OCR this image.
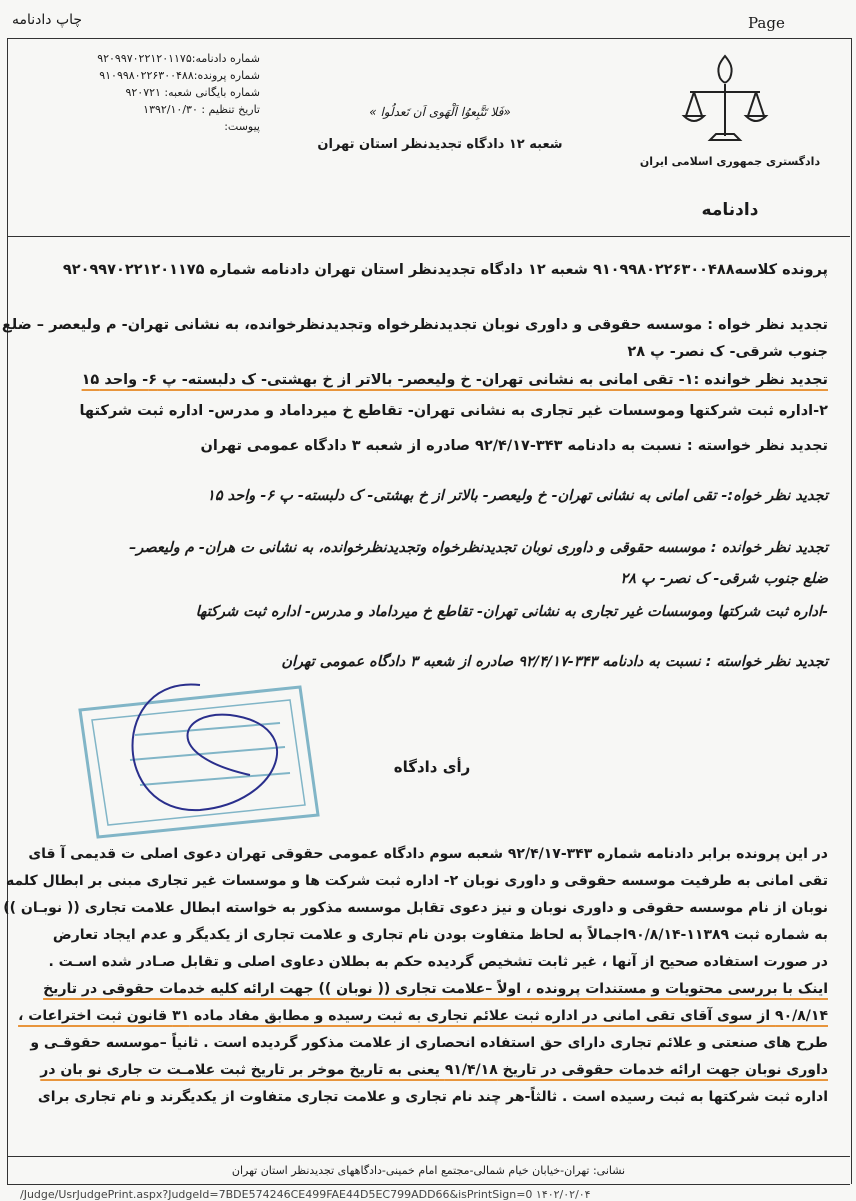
چاپ دادنامه	Page
شماره دادنامه:۹۲۰۹۹۷۰۲۲۱۲۰۱۱۷۵
شماره پرونده:۹۱۰۹۹۸۰۲۲۶۳۰۰۴۸۸
شماره بایگانی شعبه: ۹۲۰۷۲۱
تاریخ تنظیم : ۱۳۹۲/۱۰/۳۰
پیوست:
«فَلا تَتَّبِعوُا اَلْهَوی اَن تَعدلُوا »
شعبه ۱۲ دادگاه تجدیدنظر استان تهران
دادگستری جمهوری اسلامی ایران
دادنامه
پرونده کلاسه۹۱۰۹۹۸۰۲۲۶۳۰۰۴۸۸ شعبه ۱۲ دادگاه تجدیدنظر استان تهران دادنامه شماره ۹۲۰۹۹۷۰۲۲۱۲۰۱۱۷۵
تجدید نظر خواه : موسسه حقوقی و داوری نوبان تجدیدنظرخواه وتجدیدنظرخوانده، به نشانی تهران- م ولیعصر – ضلع
جنوب شرقی- ک نصر- پ ۲۸
تجدید نظر خوانده :۱- تقی امانی به نشانی تهران- خ ولیعصر- بالاتر از خ بهشتی- ک دلبسته- پ ۶- واحد ۱۵
۲-اداره ثبت شرکتها وموسسات غیر تجاری به نشانی تهران- تقاطع خ میرداماد و مدرس- اداره ثبت شرکتها
تجدید نظر خواسته : نسبت به دادنامه ۳۴۳-۹۲/۴/۱۷ صادره از شعبه ۳ دادگاه عمومی تهران
تجدید نظر خواه:- تقی امانی به نشانی تهران- خ ولیعصر- بالاتر از خ بهشتی- ک دلبسته- پ ۶- واحد ۱۵
تجدید نظر خوانده : موسسه حقوقی و داوری نوبان تجدیدنظرخواه وتجدیدنظرخوانده، به نشانی ت هران- م ولیعصر–
ضلع جنوب شرقی- ک نصر- پ ۲۸
-اداره ثبت شرکتها وموسسات غیر تجاری به نشانی تهران- تقاطع خ میرداماد و مدرس- اداره ثبت شرکتها
تجدید نظر خواسته : نسبت به دادنامه ۳۴۳-۹۲/۴/۱۷ صادره از شعبه ۳ دادگاه عمومی تهران
رأی دادگاه

در این پرونده برابر دادنامه شماره ۳۴۳-۹۲/۴/۱۷ شعبه سوم دادگاه عمومی حقوقی تهران دعوی اصلی ت قدیمی آ قای
تقی امانی به طرفیت موسسه حقوقی و داوری نوبان ۲- اداره ثبت شرکت ها و موسسات غیر تجاری مبنی بر ابطال کلمه
نوبان از نام موسسه حقوقی و داوری نوبان و نیز دعوی تقابل موسسه مذکور به خواسته ابطال علامت تجاری (( نوبـان ))
به شماره ثبت ۱۱۳۸۹-۹۰/۸/۱۴اجمالاً به لحاظ متفاوت بودن نام تجاری و علامت تجاری از یکدیگر و عدم ایجاد تعارض
در صورت استفاده صحیح از آنها ، غیر ثابت تشخیص گردیده حکم به بطلان دعاوی اصلی و تقابل صـادر شده اسـت .
اینک با بررسی محتویات و مستندات پرونده ، اولاً –علامت تجاری (( نوبان )) جهت ارائه کلیه خدمات حقوقی در تاریخ
۹۰/۸/۱۴ از سوی آقای تقی امانی در اداره ثبت علائم تجاری به ثبت رسیده و مطابق مفاد ماده ۳۱ قانون ثبت اختراعات ،
طرح های صنعتی و علائم تجاری دارای حق استفاده انحصاری از علامت مذکور گردیده است . ثانیاً –موسسه حقوقـی و
داوری نوبان جهت ارائه خدمات حقوقی در تاریخ ۹۱/۴/۱۸ یعنی به تاریخ موخر بر تاریخ ثبت علامـت ت جاری نو بان در
اداره ثبت شرکتها به ثبت رسیده است . ثالثاً-هر چند نام تجاری و علامت تجاری متفاوت از یکدیگرند و نام تجاری برای

نشانی: تهران-خیابان خیام شمالی-مجتمع امام خمینی-دادگاههای تجدیدنظر استان تهران
/Judge/UsrJudgePrint.aspx?JudgeId=7BDE574246CE499FAE44D5EC799ADD66&isPrintSign=0 ۱۴۰۲/۰۲/۰۴
